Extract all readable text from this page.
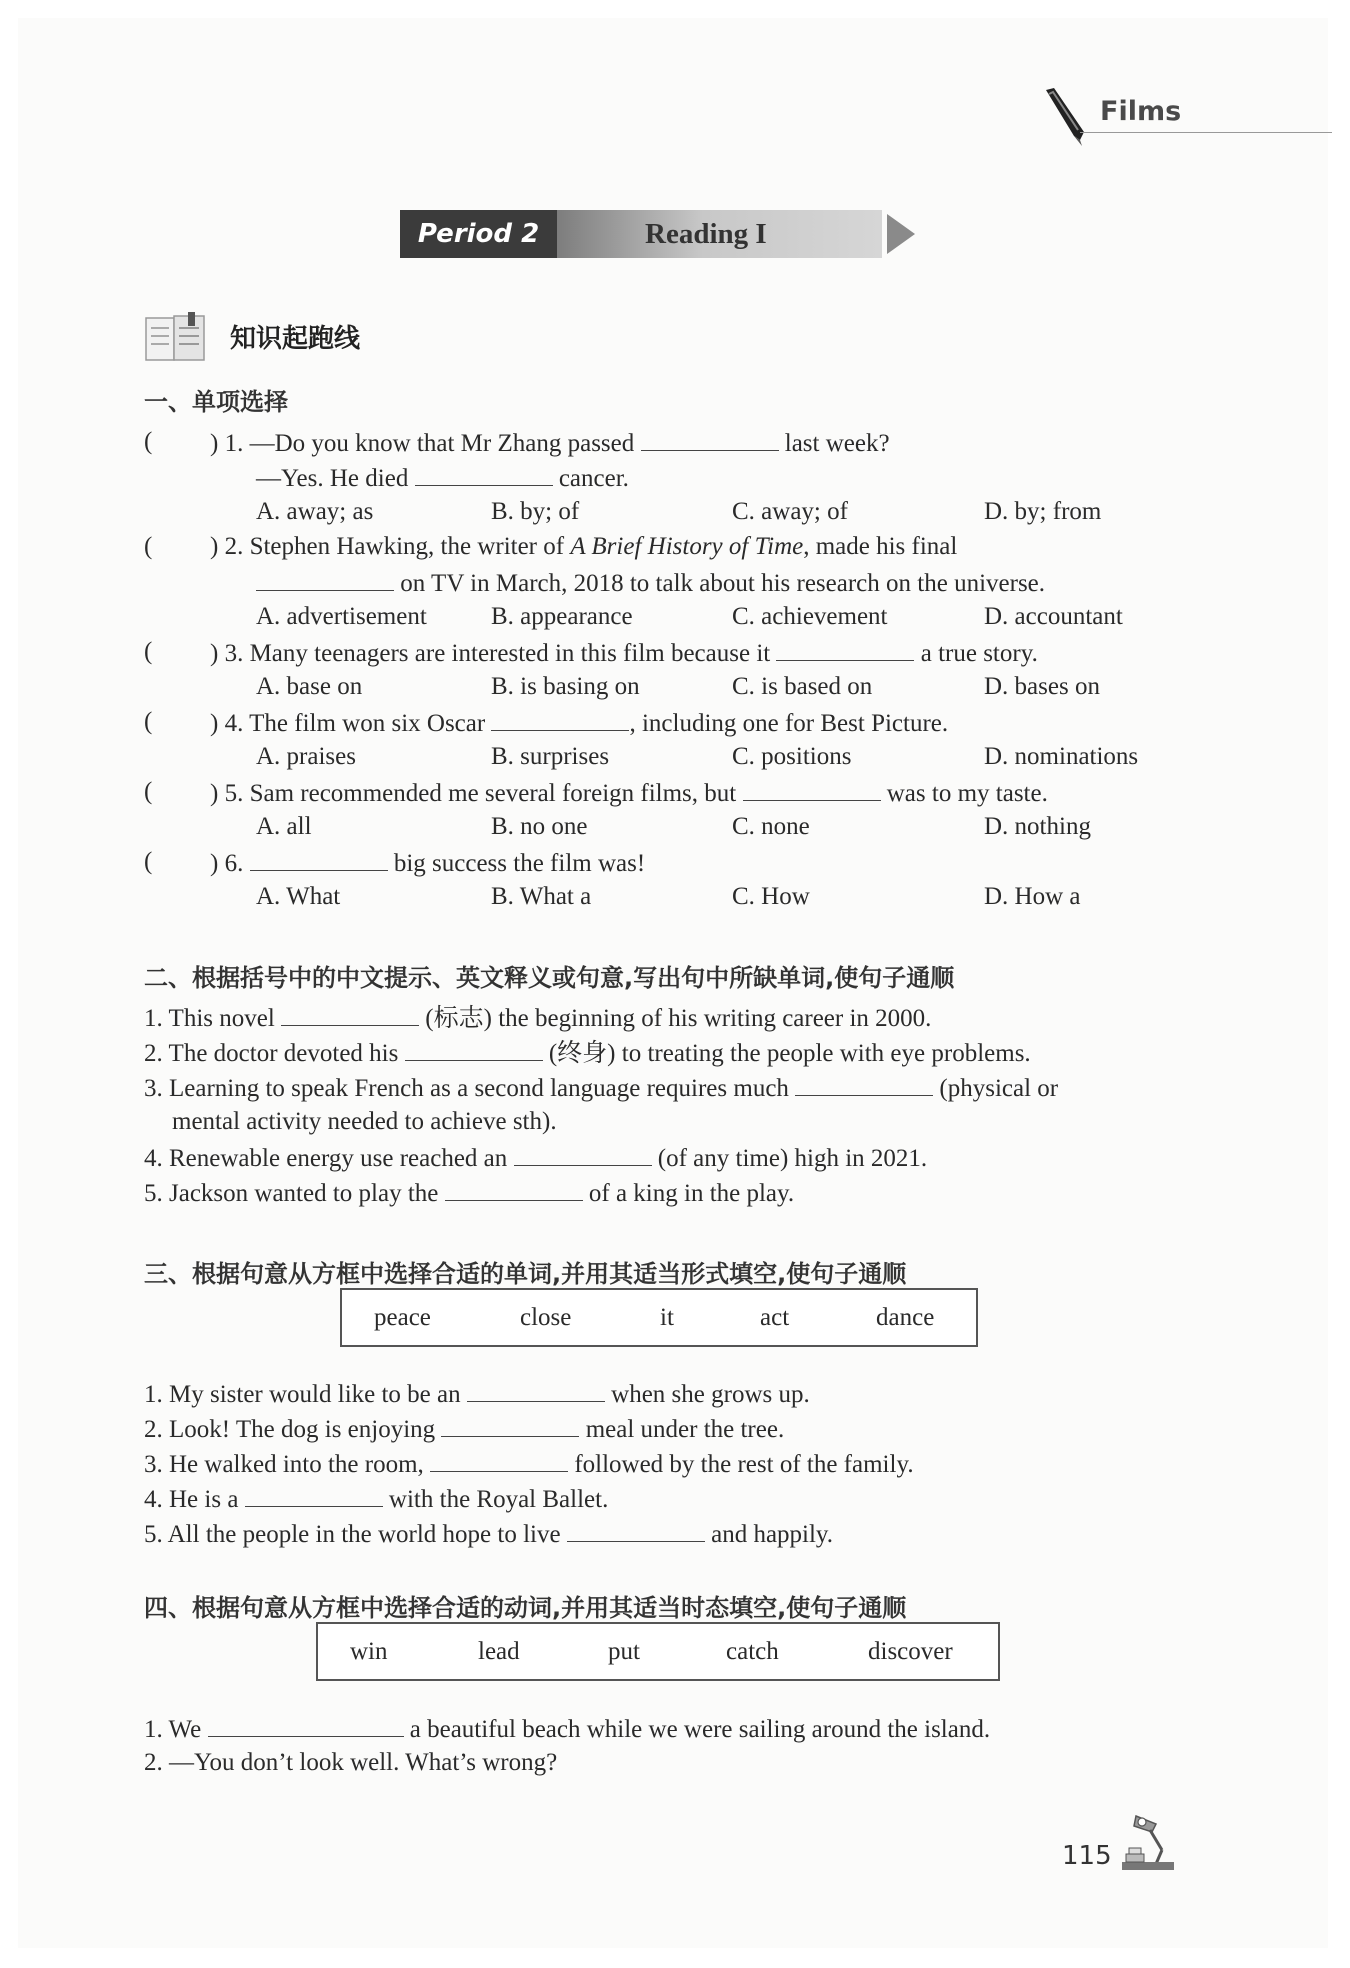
Films
Period 2	Reading I
知识起跑线
一、单项选择
( ) 1. —Do you know that Mr Zhang passed	last week?
—Yes. He died	cancer.
A. away; as	B. by; of	C. away; of	D. by; from
( ) 2. Stephen Hawking, the writer of A Brief History of Time, made his final
on TV in March, 2018 to talk about his research on the universe.
A. advertisement	B. appearance	C. achievement	D. accountant
( ) 3. Many teenagers are interested in this film because it	a true story.
A. base on	B. is basing on	C. is based on	D. bases on
( ) 4. The film won six Oscar	, including one for Best Picture.
A. praises	B. surprises	C. positions	D. nominations
( ) 5. Sam recommended me several foreign films, but	was to my taste.
A. all	B. no one	C. none	D. nothing
( ) 6.	big success the film was!
A. What	B. What a	C. How	D. How a
二、根据括号中的中文提示、英文释义或句意,写出句中所缺单词,使句子通顺
1. This novel	(标志) the beginning of his writing career in 2000.
2. The doctor devoted his	(终身) to treating the people with eye problems.
3. Learning to speak French as a second language requires much	(physical or
mental activity needed to achieve sth).
4. Renewable energy use reached an	(of any time) high in 2021.
5. Jackson wanted to play the	of a king in the play.
三、根据句意从方框中选择合适的单词,并用其适当形式填空,使句子通顺
peace	close	it	act	dance
1. My sister would like to be an	when she grows up.
2. Look! The dog is enjoying	meal under the tree.
3. He walked into the room,	followed by the rest of the family.
4. He is a	with the Royal Ballet.
5. All the people in the world hope to live	and happily.
四、根据句意从方框中选择合适的动词,并用其适当时态填空,使句子通顺
win	lead	put	catch	discover
1. We	a beautiful beach while we were sailing around the island.
2. —You don’t look well. What’s wrong?
115
